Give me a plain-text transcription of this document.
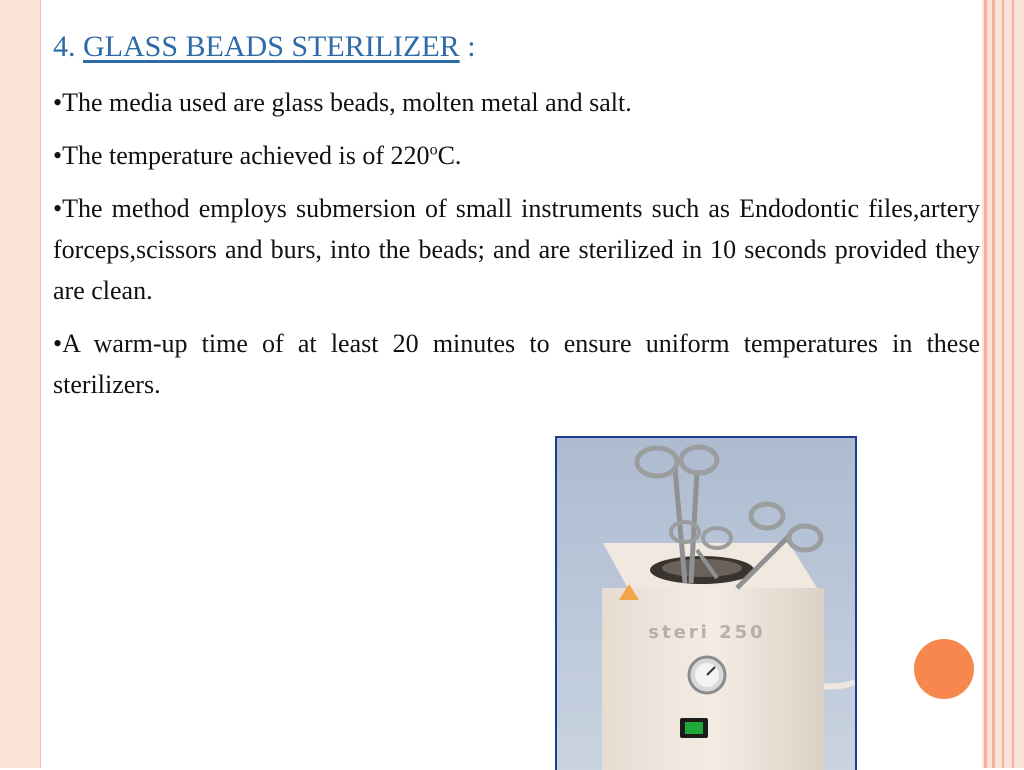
4. GLASS BEADS STERILIZER :

•The media used are glass beads, molten metal and salt.

•The temperature achieved is of 220$^o$C.

•The method employs submersion of small instruments such as Endodontic files,artery forceps,scissors and burs, into the beads; and are sterilized in 10 seconds provided they are clean.

•A warm-up time of at least 20 minutes to ensure uniform temperatures in these sterilizers.

steri 250
